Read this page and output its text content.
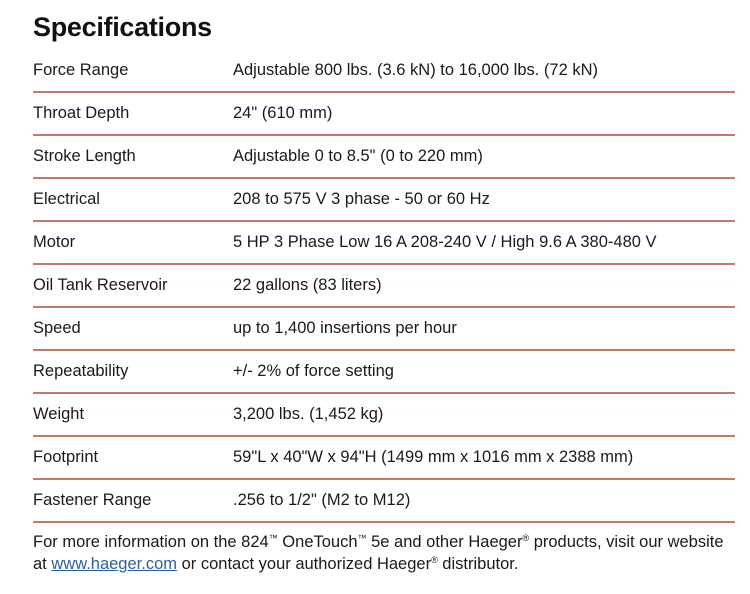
Specifications
Force Range	Adjustable 800 lbs. (3.6 kN) to 16,000 lbs. (72 kN)
Throat Depth	24" (610 mm)
Stroke Length	Adjustable 0 to 8.5" (0 to 220 mm)
Electrical	208 to 575 V 3 phase - 50 or 60 Hz
Motor	5 HP 3 Phase Low 16 A 208-240 V / High 9.6 A 380-480 V
Oil Tank Reservoir	22 gallons (83 liters)
Speed	up to 1,400 insertions per hour
Repeatability	+/- 2% of force setting
Weight	3,200 lbs. (1,452 kg)
Footprint	59"L x 40"W x 94"H (1499 mm x 1016 mm x 2388 mm)
Fastener Range	.256 to 1/2" (M2 to M12)

For more information on the 824™ OneTouch™ 5e and other Haeger® products, visit our website at www.haeger.com or contact your authorized Haeger® distributor.
